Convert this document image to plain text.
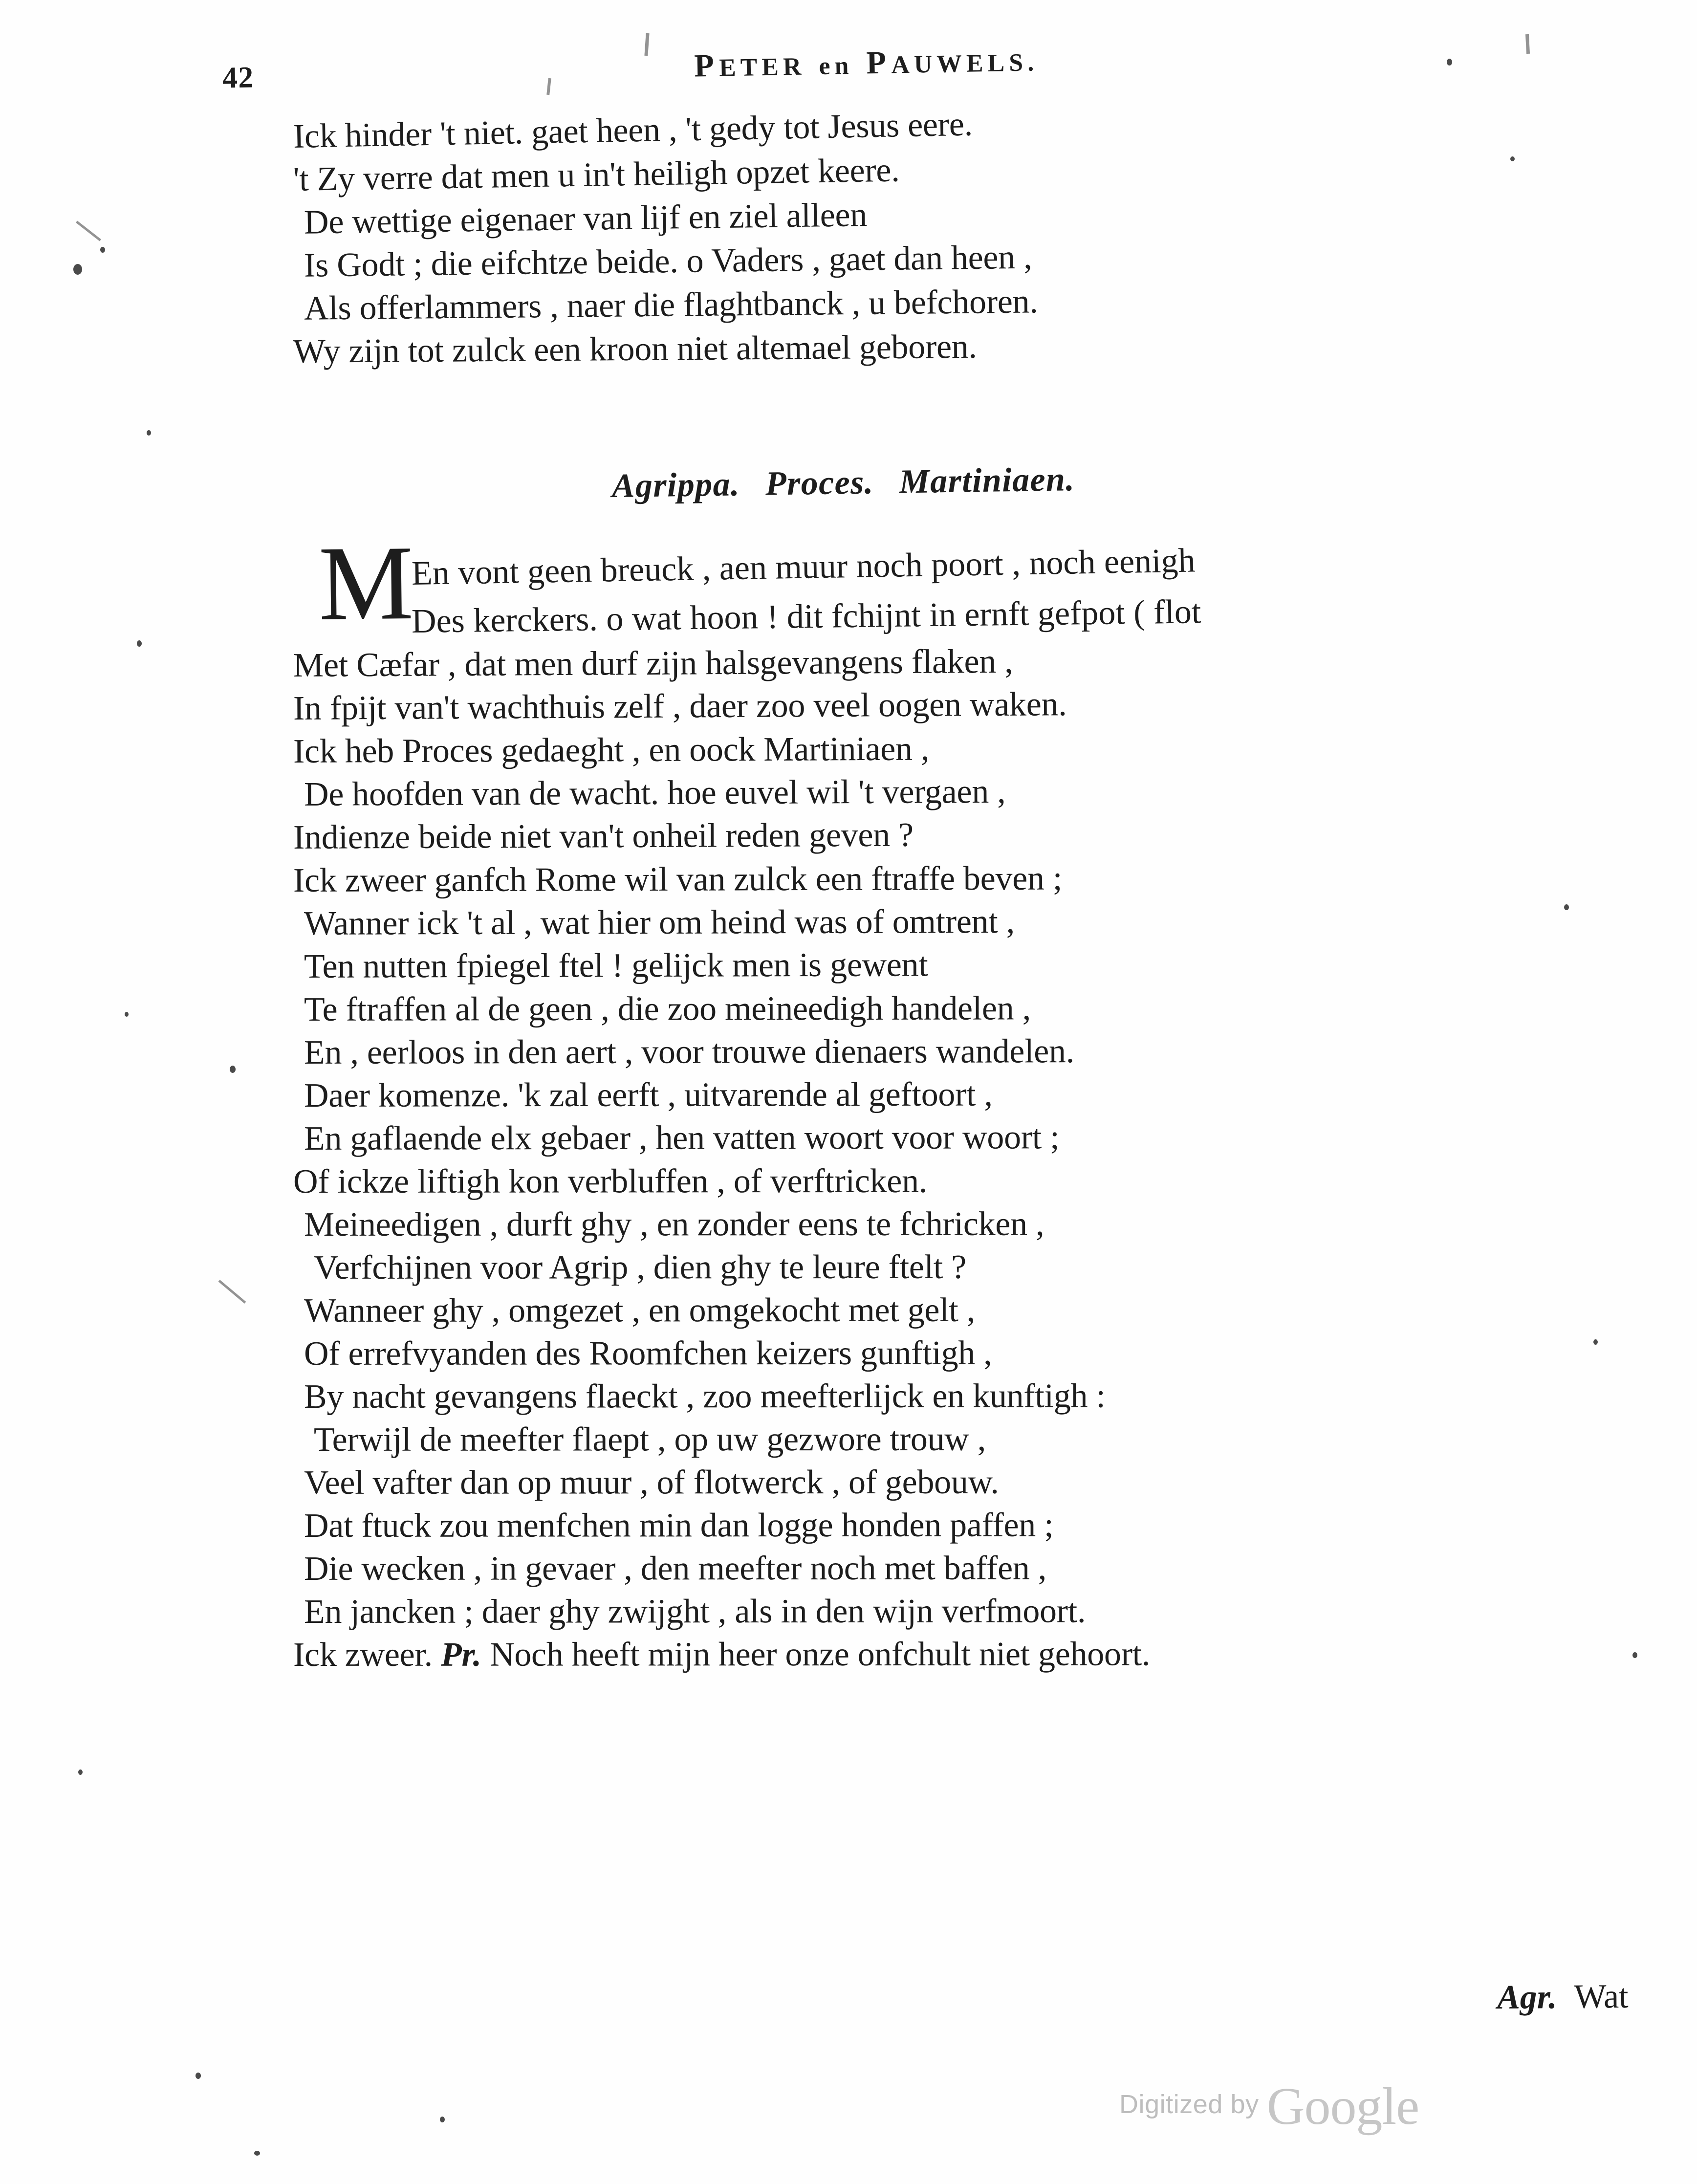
42	PETER en PAUWELS.
Ick hinder 't niet. gaet heen , 't gedy tot Jesus eere.
't Zy verre dat men u in't heiligh opzet keere.
De wettige eigenaer van lijf en ziel alleen
Is Godt ; die eifchtze beide. o Vaders , gaet dan heen ,
Als offerlammers , naer die flaghtbanck , u befchoren.
Wy zijn tot zulck een kroon niet altemael geboren.
Agrippa. Proces. Martiniaen.
M
En vont geen breuck , aen muur noch poort , noch eenigh
Des kerckers. o wat hoon ! dit fchijnt in ernft gefpot ( flot
Met Cæfar , dat men durf zijn halsgevangens flaken ,
In fpijt van't wachthuis zelf , daer zoo veel oogen waken.
Ick heb Proces gedaeght , en oock Martiniaen ,
De hoofden van de wacht. hoe euvel wil 't vergaen ,
Indienze beide niet van't onheil reden geven ?
Ick zweer ganfch Rome wil van zulck een ftraffe beven ;
Wanner ick 't al , wat hier om heind was of omtrent ,
Ten nutten fpiegel ftel ! gelijck men is gewent
Te ftraffen al de geen , die zoo meineedigh handelen ,
En , eerloos in den aert , voor trouwe dienaers wandelen.
Daer komenze. 'k zal eerft , uitvarende al geftoort ,
En gaflaende elx gebaer , hen vatten woort voor woort ;
Of ickze liftigh kon verbluffen , of verftricken.
Meineedigen , durft ghy , en zonder eens te fchricken ,
Verfchijnen voor Agrip , dien ghy te leure ftelt ?
Wanneer ghy , omgezet , en omgekocht met gelt ,
Of errefvyanden des Roomfchen keizers gunftigh ,
By nacht gevangens flaeckt , zoo meefterlijck en kunftigh :
Terwijl de meefter flaept , op uw gezwore trouw ,
Veel vafter dan op muur , of flotwerck , of gebouw.
Dat ftuck zou menfchen min dan logge honden paffen ;
Die wecken , in gevaer , den meefter noch met baffen ,
En jancken ; daer ghy zwijght , als in den wijn verfmoort.
Ick zweer. Pr. Noch heeft mijn heer onze onfchult niet gehoort.
Agr. Wat
Digitized by Google
